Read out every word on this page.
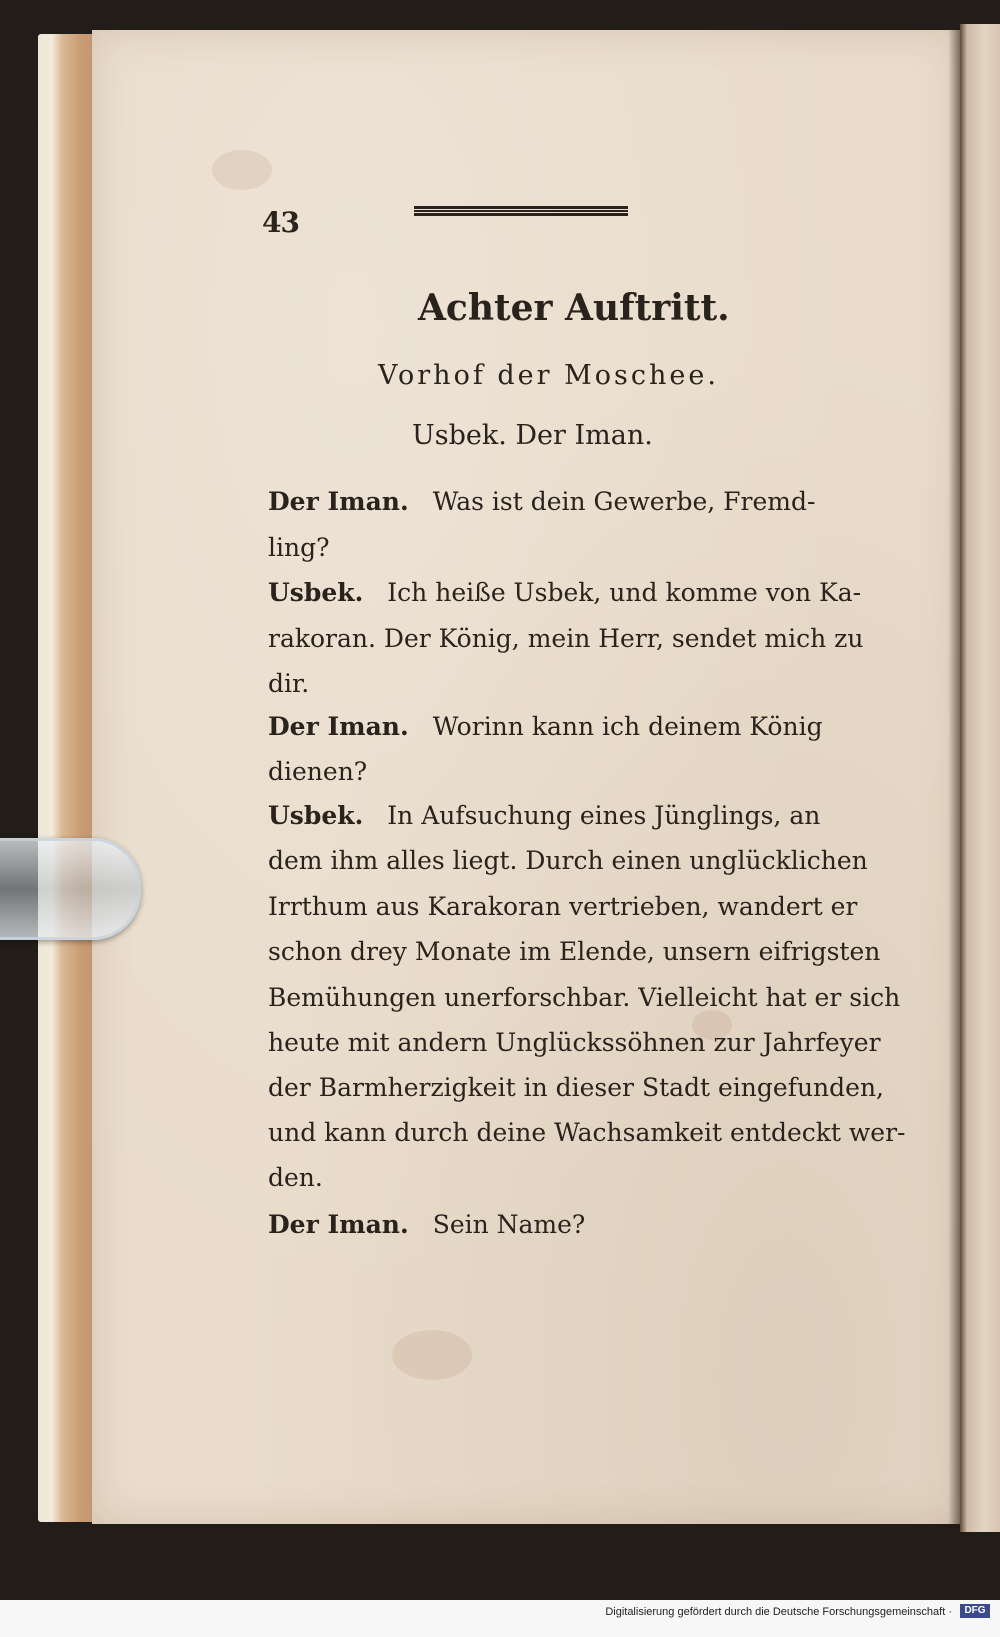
43
Achter Auftritt.
Vorhof der Moschee.
Usbek. Der Iman.
Der Iman. Was ist dein Gewerbe, Fremd-
ling?
Usbek. Ich heiße Usbek, und komme von Ka-
rakoran. Der König, mein Herr, sendet mich zu
dir.
Der Iman. Worinn kann ich deinem König
dienen?
Usbek. In Aufsuchung eines Jünglings, an
dem ihm alles liegt. Durch einen unglücklichen
Irrthum aus Karakoran vertrieben, wandert er
schon drey Monate im Elende, unsern eifrigsten
Bemühungen unerforschbar. Vielleicht hat er sich
heute mit andern Unglückssöhnen zur Jahrfeyer
der Barmherzigkeit in dieser Stadt eingefunden,
und kann durch deine Wachsamkeit entdeckt wer-
den.
Der Iman. Sein Name?
Digitalisierung gefördert durch die Deutsche Forschungsgemeinschaft ·	DFG
